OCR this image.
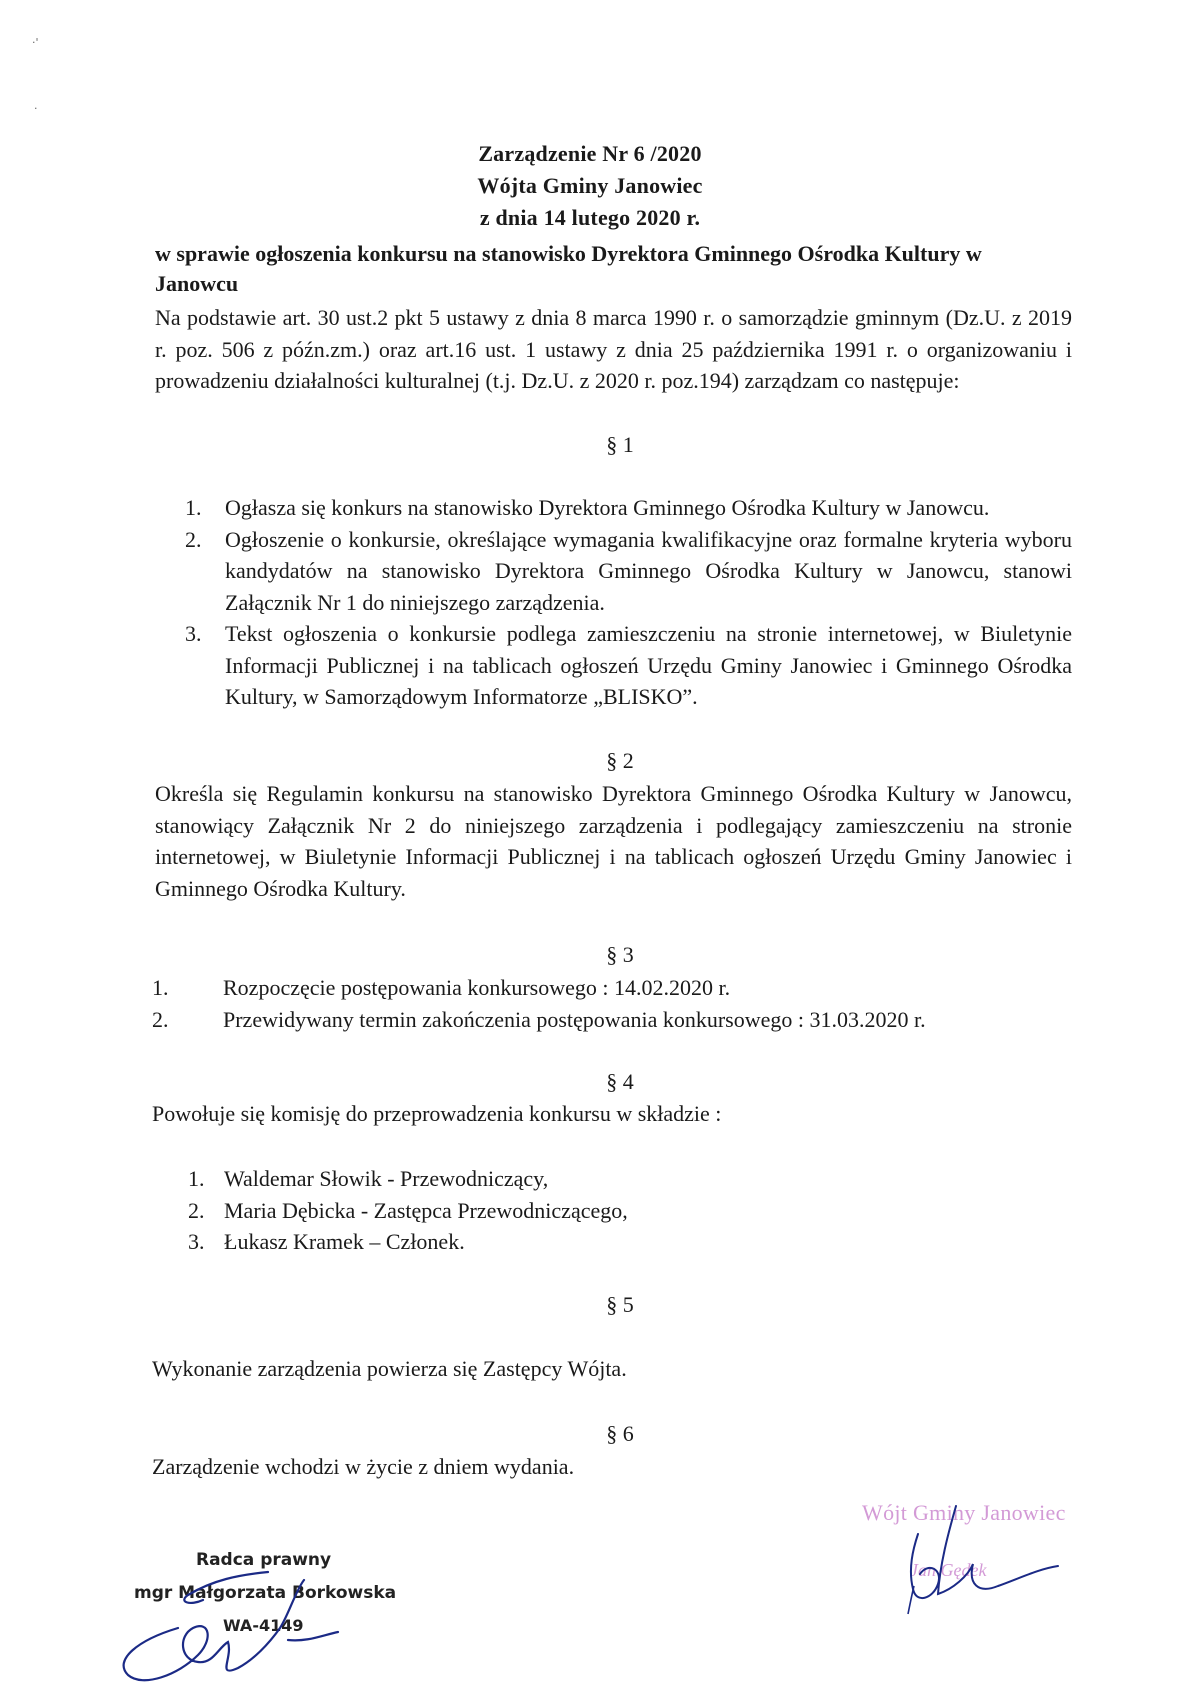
·'
·
Zarządzenie Nr 6 /2020
Wójta Gminy Janowiec
z dnia 14 lutego 2020 r.
w sprawie ogłoszenia konkursu na stanowisko Dyrektora Gminnego Ośrodka Kultury w Janowcu
Na podstawie art. 30 ust.2 pkt 5 ustawy z dnia 8 marca 1990 r. o samorządzie gminnym (Dz.U. z 2019 r. poz. 506 z późn.zm.) oraz art.16 ust. 1 ustawy z dnia 25 października 1991 r. o organizowaniu i prowadzeniu działalności kulturalnej (t.j. Dz.U. z 2020 r. poz.194) zarządzam co następuje:
§ 1
1. Ogłasza się konkurs na stanowisko Dyrektora Gminnego Ośrodka Kultury w Janowcu.
2. Ogłoszenie o konkursie, określające wymagania kwalifikacyjne oraz formalne kryteria wyboru kandydatów na stanowisko Dyrektora Gminnego Ośrodka Kultury w Janowcu, stanowi Załącznik Nr 1 do niniejszego zarządzenia.
3. Tekst ogłoszenia o konkursie podlega zamieszczeniu na stronie internetowej, w Biuletynie Informacji Publicznej i na tablicach ogłoszeń Urzędu Gminy Janowiec i Gminnego Ośrodka Kultury, w Samorządowym Informatorze „BLISKO”.
§ 2
Określa się Regulamin konkursu na stanowisko Dyrektora Gminnego Ośrodka Kultury w Janowcu, stanowiący Załącznik Nr 2 do niniejszego zarządzenia i podlegający zamieszczeniu na stronie internetowej, w Biuletynie Informacji Publicznej i na tablicach ogłoszeń Urzędu Gminy Janowiec i Gminnego Ośrodka Kultury.
§ 3
1. Rozpoczęcie postępowania konkursowego : 14.02.2020 r.
2. Przewidywany termin zakończenia postępowania konkursowego : 31.03.2020 r.
§ 4
Powołuje się komisję do przeprowadzenia konkursu w składzie :
1. Waldemar Słowik - Przewodniczący,
2. Maria Dębicka - Zastępca Przewodniczącego,
3. Łukasz Kramek – Członek.
§ 5
Wykonanie zarządzenia powierza się Zastępcy Wójta.
§ 6
Zarządzenie wchodzi w życie z dniem wydania.
Radca prawny
mgr Małgorzata Borkowska
WA-4149
Wójt Gminy Janowiec
Jan Gędek
